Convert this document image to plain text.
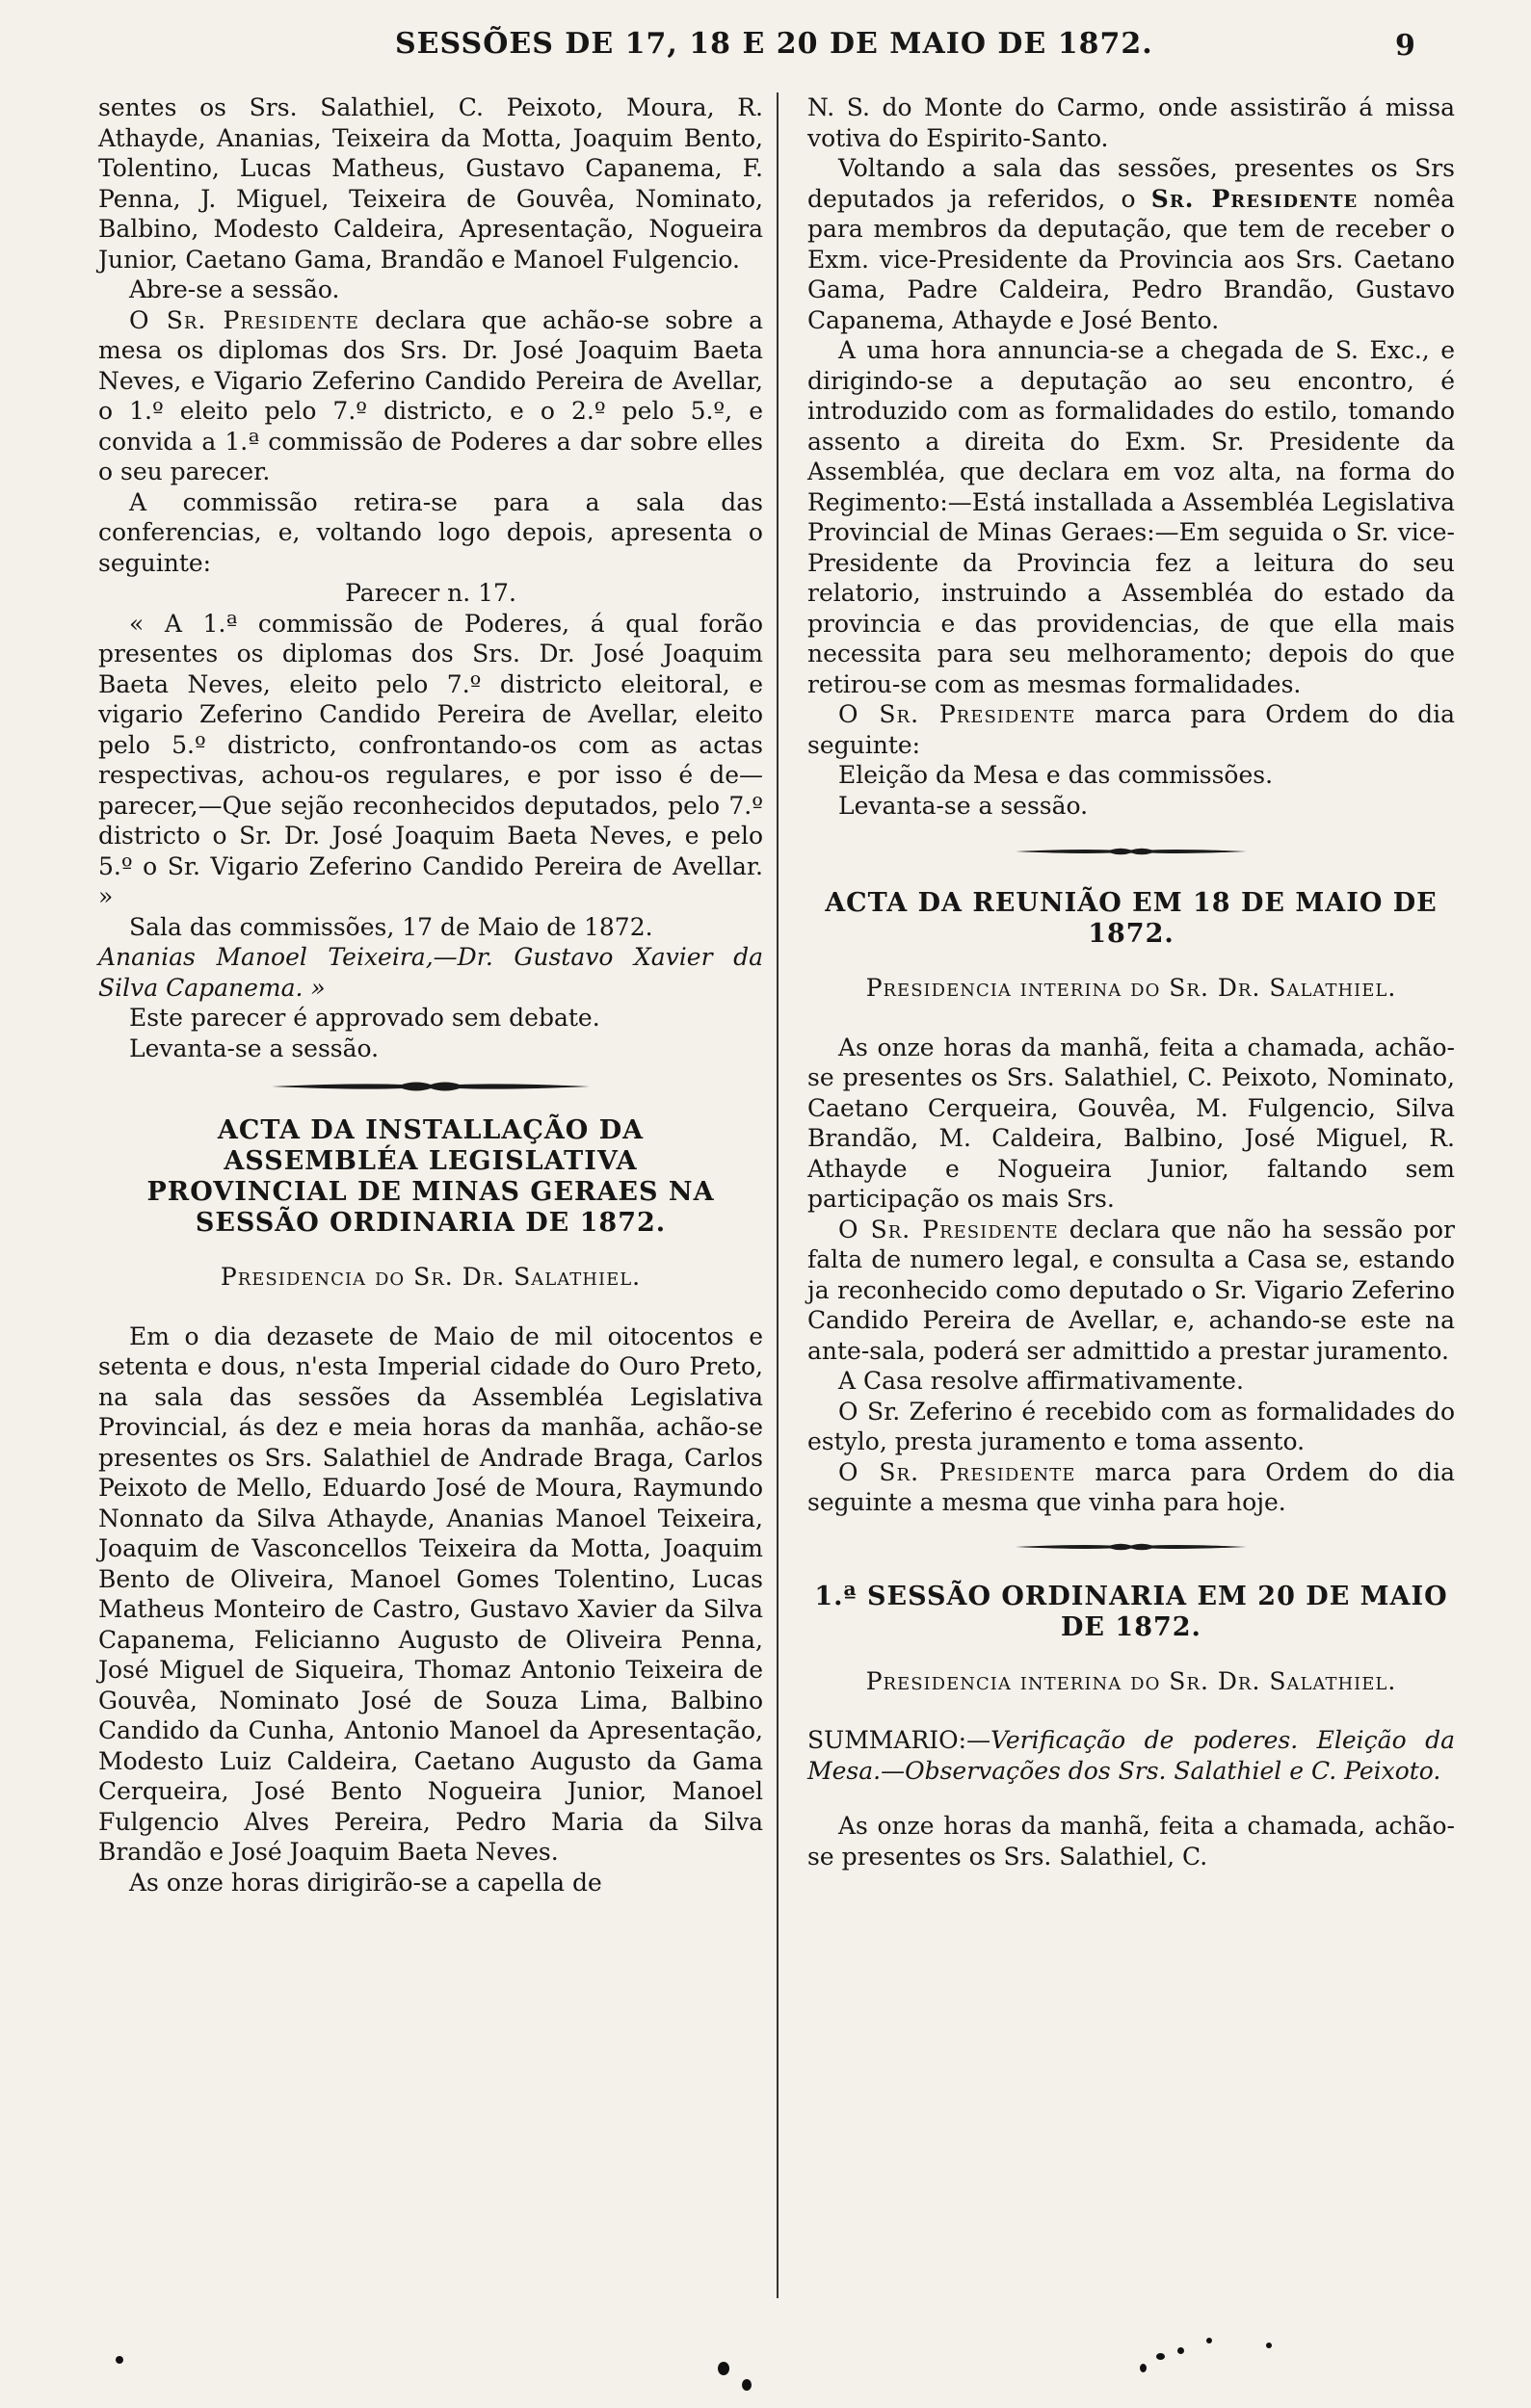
SESSÕES DE 17, 18 E 20 DE MAIO DE 1872.	9

sentes os Srs. Salathiel, C. Peixoto, Moura, R. Athayde, Ananias, Teixeira da Motta, Joaquim Bento, Tolentino, Lucas Matheus, Gustavo Capanema, F. Penna, J. Miguel, Teixeira de Gouvêa, Nominato, Balbino, Modesto Caldeira, Apresentação, Nogueira Junior, Caetano Gama, Brandão e Manoel Fulgencio.

Abre-se a sessão.

O Sr. Presidente declara que achão-se sobre a mesa os diplomas dos Srs. Dr. José Joaquim Baeta Neves, e Vigario Zeferino Candido Pereira de Avellar, o 1.º eleito pelo 7.º districto, e o 2.º pelo 5.º, e convida a 1.ª commissão de Poderes a dar sobre elles o seu parecer.

A commissão retira-se para a sala das conferencias, e, voltando logo depois, apresenta o seguinte:

Parecer n. 17.

« A 1.ª commissão de Poderes, á qual forão presentes os diplomas dos Srs. Dr. José Joaquim Baeta Neves, eleito pelo 7.º districto eleitoral, e vigario Zeferino Candido Pereira de Avellar, eleito pelo 5.º districto, confrontando-os com as actas respectivas, achou-os regulares, e por isso é de—parecer,—Que sejão reconhecidos deputados, pelo 7.º districto o Sr. Dr. José Joaquim Baeta Neves, e pelo 5.º o Sr. Vigario Zeferino Candido Pereira de Avellar. »

Sala das commissões, 17 de Maio de 1872.

Ananias Manoel Teixeira,—Dr. Gustavo Xavier da Silva Capanema. »

Este parecer é approvado sem debate.

Levanta-se a sessão.

ACTA DA INSTALLAÇÃO DA ASSEMBLÉA LEGISLATIVA PROVINCIAL DE MINAS GERAES NA SESSÃO ORDINARIA DE 1872.
Presidencia do Sr. Dr. Salathiel.

Em o dia dezasete de Maio de mil oitocentos e setenta e dous, n'esta Imperial cidade do Ouro Preto, na sala das sessões da Assembléa Legislativa Provincial, ás dez e meia horas da manhãa, achão-se presentes os Srs. Salathiel de Andrade Braga, Carlos Peixoto de Mello, Eduardo José de Moura, Raymundo Nonnato da Silva Athayde, Ananias Manoel Teixeira, Joaquim de Vasconcellos Teixeira da Motta, Joaquim Bento de Oliveira, Manoel Gomes Tolentino, Lucas Matheus Monteiro de Castro, Gustavo Xavier da Silva Capanema, Felicianno Augusto de Oliveira Penna, José Miguel de Siqueira, Thomaz Antonio Teixeira de Gouvêa, Nominato José de Souza Lima, Balbino Candido da Cunha, Antonio Manoel da Apresentação, Modesto Luiz Caldeira, Caetano Augusto da Gama Cerqueira, José Bento Nogueira Junior, Manoel Fulgencio Alves Pereira, Pedro Maria da Silva Brandão e José Joaquim Baeta Neves.

As onze horas dirigirão-se a capella de

N. S. do Monte do Carmo, onde assistirão á missa votiva do Espirito-Santo.

Voltando a sala das sessões, presentes os Srs deputados ja referidos, o Sr. Presidente nomêa para membros da deputação, que tem de receber o Exm. vice-Presidente da Provincia aos Srs. Caetano Gama, Padre Caldeira, Pedro Brandão, Gustavo Capanema, Athayde e José Bento.

A uma hora annuncia-se a chegada de S. Exc., e dirigindo-se a deputação ao seu encontro, é introduzido com as formalidades do estilo, tomando assento a direita do Exm. Sr. Presidente da Assembléa, que declara em voz alta, na forma do Regimento:—Está installada a Assembléa Legislativa Provincial de Minas Geraes:—Em seguida o Sr. vice-Presidente da Provincia fez a leitura do seu relatorio, instruindo a Assembléa do estado da provincia e das providencias, de que ella mais necessita para seu melhoramento; depois do que retirou-se com as mesmas formalidades.

O Sr. Presidente marca para Ordem do dia seguinte:

Eleição da Mesa e das commissões.

Levanta-se a sessão.

ACTA DA REUNIÃO EM 18 DE MAIO DE 1872.
Presidencia interina do Sr. Dr. Salathiel.

As onze horas da manhã, feita a chamada, achão-se presentes os Srs. Salathiel, C. Peixoto, Nominato, Caetano Cerqueira, Gouvêa, M. Fulgencio, Silva Brandão, M. Caldeira, Balbino, José Miguel, R. Athayde e Nogueira Junior, faltando sem participação os mais Srs.

O Sr. Presidente declara que não ha sessão por falta de numero legal, e consulta a Casa se, estando ja reconhecido como deputado o Sr. Vigario Zeferino Candido Pereira de Avellar, e, achando-se este na ante-sala, poderá ser admittido a prestar juramento.

A Casa resolve affirmativamente.

O Sr. Zeferino é recebido com as formalidades do estylo, presta juramento e toma assento.

O Sr. Presidente marca para Ordem do dia seguinte a mesma que vinha para hoje.

1.ª SESSÃO ORDINARIA EM 20 DE MAIO DE 1872.
Presidencia interina do Sr. Dr. Salathiel.

SUMMARIO:—Verificação de poderes. Eleição da Mesa.—Observações dos Srs. Salathiel e C. Peixoto.

As onze horas da manhã, feita a chamada, achão-se presentes os Srs. Salathiel, C.
